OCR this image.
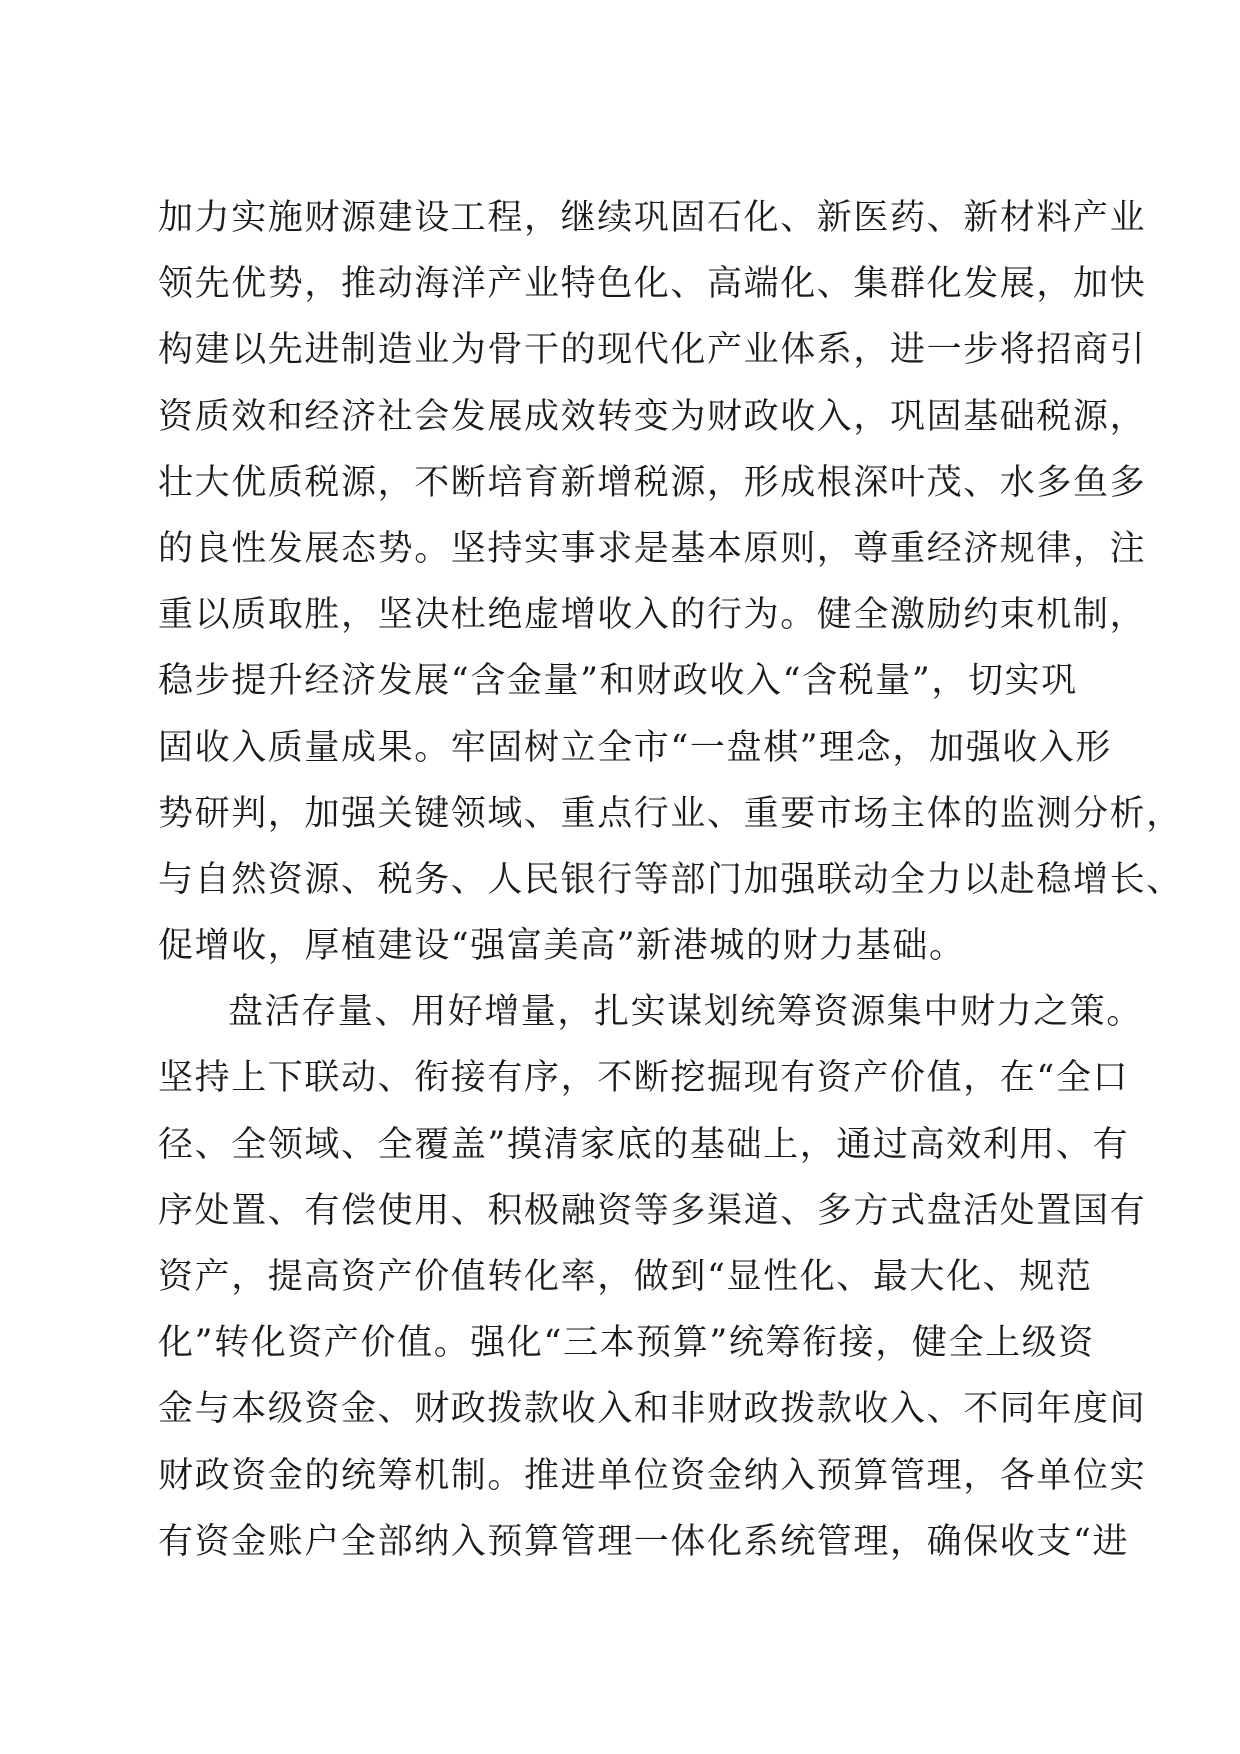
加力实施财源建设工程，继续巩固石化、新医药、新材料产业
领先优势，推动海洋产业特色化、高端化、集群化发展，加快
构建以先进制造业为骨干的现代化产业体系，进一步将招商引
资质效和经济社会发展成效转变为财政收入，巩固基础税源，
壮大优质税源，不断培育新增税源，形成根深叶茂、水多鱼多
的良性发展态势。坚持实事求是基本原则，尊重经济规律，注
重以质取胜，坚决杜绝虚增收入的行为。健全激励约束机制，
稳步提升经济发展“含金量”和财政收入“含税量”，切实巩
固收入质量成果。牢固树立全市“一盘棋”理念，加强收入形
势研判，加强关键领域、重点行业、重要市场主体的监测分析，
与自然资源、税务、人民银行等部门加强联动全力以赴稳增长、
促增收，厚植建设“强富美高”新港城的财力基础。
盘活存量、用好增量，扎实谋划统筹资源集中财力之策。
坚持上下联动、衔接有序，不断挖掘现有资产价值，在“全口
径、全领域、全覆盖”摸清家底的基础上，通过高效利用、有
序处置、有偿使用、积极融资等多渠道、多方式盘活处置国有
资产，提高资产价值转化率，做到“显性化、最大化、规范
化”转化资产价值。强化“三本预算”统筹衔接，健全上级资
金与本级资金、财政拨款收入和非财政拨款收入、不同年度间
财政资金的统筹机制。推进单位资金纳入预算管理，各单位实
有资金账户全部纳入预算管理一体化系统管理，确保收支“进
